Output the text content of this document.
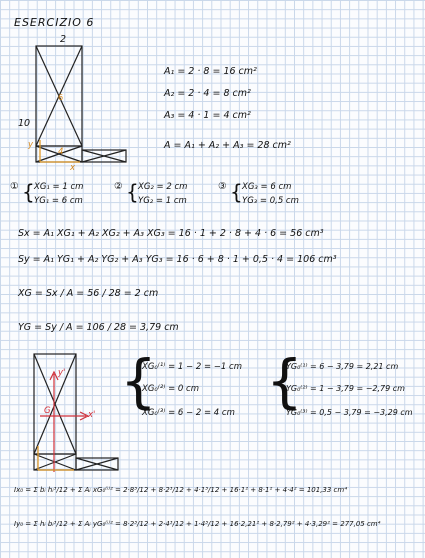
ESERCIZIO 6
6
2
10
4
y
x
A₁ = 2 · 8 = 16 cm²
A₂ = 2 · 4 = 8 cm²
A₃ = 4 · 1 = 4 cm²
A = A₁ + A₂ + A₃ = 28 cm²
① { XG₁ = 1 cm
YG₁ = 6 cm
② { XG₂ = 2 cm
YG₂ = 1 cm
③ { XG₃ = 6 cm
YG₃ = 0,5 cm
Sx = A₁ XG₁ + A₂ XG₂ + A₃ XG₃ = 16 · 1 + 2 · 8 + 4 · 6 = 56 cm³
Sy = A₁ YG₁ + A₂ YG₂ + A₃ YG₃ = 16 · 6 + 8 · 1 + 0,5 · 4 = 106 cm³
XG = Sx / A = 56 / 28 = 2 cm
YG = Sy / A = 106 / 28 = 3,79 cm
y'
x'
G {
XG₀⁽¹⁾ = 1 − 2 = −1 cm
XG₀⁽²⁾ = 0 cm
XG₀⁽³⁾ = 6 − 2 = 4 cm {
YG₀⁽¹⁾ = 6 − 3,79 = 2,21 cm
YG₀⁽²⁾ = 1 − 3,79 = −2,79 cm
YG₀⁽³⁾ = 0,5 − 3,79 = −3,29 cm
Ix₀ = Σ bᵢ hᵢ³/12 + Σ Aᵢ xG₀⁽ⁱ⁾² = 2·8³/12 + 8·2³/12 + 4·1³/12 + 16·1² + 8·1² + 4·4² = 101,33 cm⁴
Iy₀ = Σ hᵢ bᵢ³/12 + Σ Aᵢ yG₀⁽ⁱ⁾² = 8·2³/12 + 2·4³/12 + 1·4³/12 + 16·2,21² + 8·2,79² + 4·3,29² = 277,05 cm⁴
